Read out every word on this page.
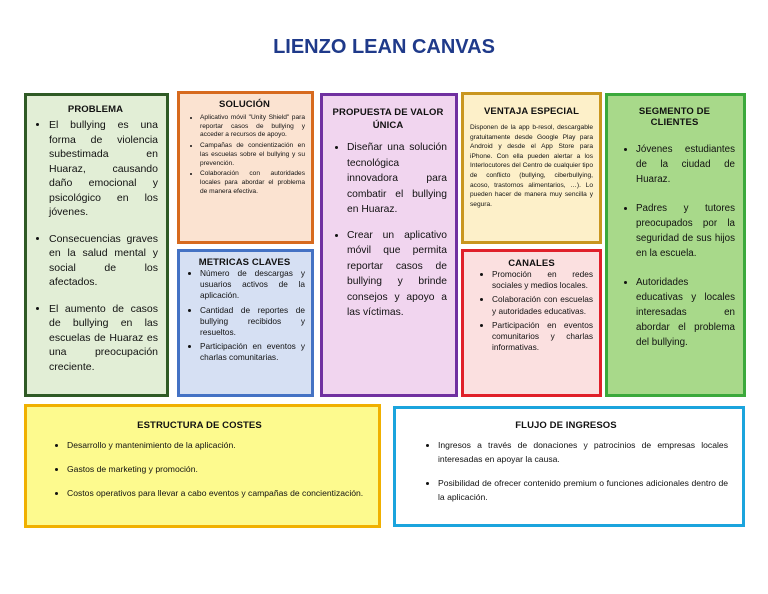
LIENZO LEAN CANVAS
PROBLEMA
• El bullying es una forma de violencia subestimada en Huaraz, causando daño emocional y psicológico en los jóvenes.
• Consecuencias graves en la salud mental y social de los afectados.
• El aumento de casos de bullying en las escuelas de Huaraz es una preocupación creciente.
SOLUCIÓN
• Aplicativo móvil "Unity Shield" para reportar casos de bullying y acceder a recursos de apoyo.
• Campañas de concientización en las escuelas sobre el bullying y su prevención.
• Colaboración con autoridades locales para abordar el problema de manera efectiva.
METRICAS CLAVES
• Número de descargas y usuarios activos de la aplicación.
• Cantidad de reportes de bullying recibidos y resueltos.
• Participación en eventos y charlas comunitarias.
PROPUESTA DE VALOR ÚNICA
• Diseñar una solución tecnológica innovadora para combatir el bullying en Huaraz.
• Crear un aplicativo móvil que permita reportar casos de bullying y brinde consejos y apoyo a las víctimas.
VENTAJA ESPECIAL

Disponen de la app b-resol, descargable gratuitamente desde Google Play para Android y desde el App Store para iPhone. Con ella pueden alertar a los Interlocutores del Centro de cualquier tipo de conflicto (bullying, ciberbullying, acoso, trastornos alimentarios, …). Lo pueden hacer de manera muy sencilla y segura.

CANALES
• Promoción en redes sociales y medios locales.
• Colaboración con escuelas y autoridades educativas.
• Participación en eventos comunitarios y charlas informativas.
SEGMENTO DE CLIENTES
• Jóvenes estudiantes de la ciudad de Huaraz.
• Padres y tutores preocupados por la seguridad de sus hijos en la escuela.
• Autoridades educativas y locales interesadas en abordar el problema del bullying.
ESTRUCTURA DE COSTES
• Desarrollo y mantenimiento de la aplicación.
• Gastos de marketing y promoción.
• Costos operativos para llevar a cabo eventos y campañas de concientización.
FLUJO DE INGRESOS
• Ingresos a través de donaciones y patrocinios de empresas locales interesadas en apoyar la causa.
• Posibilidad de ofrecer contenido premium o funciones adicionales dentro de la aplicación.
